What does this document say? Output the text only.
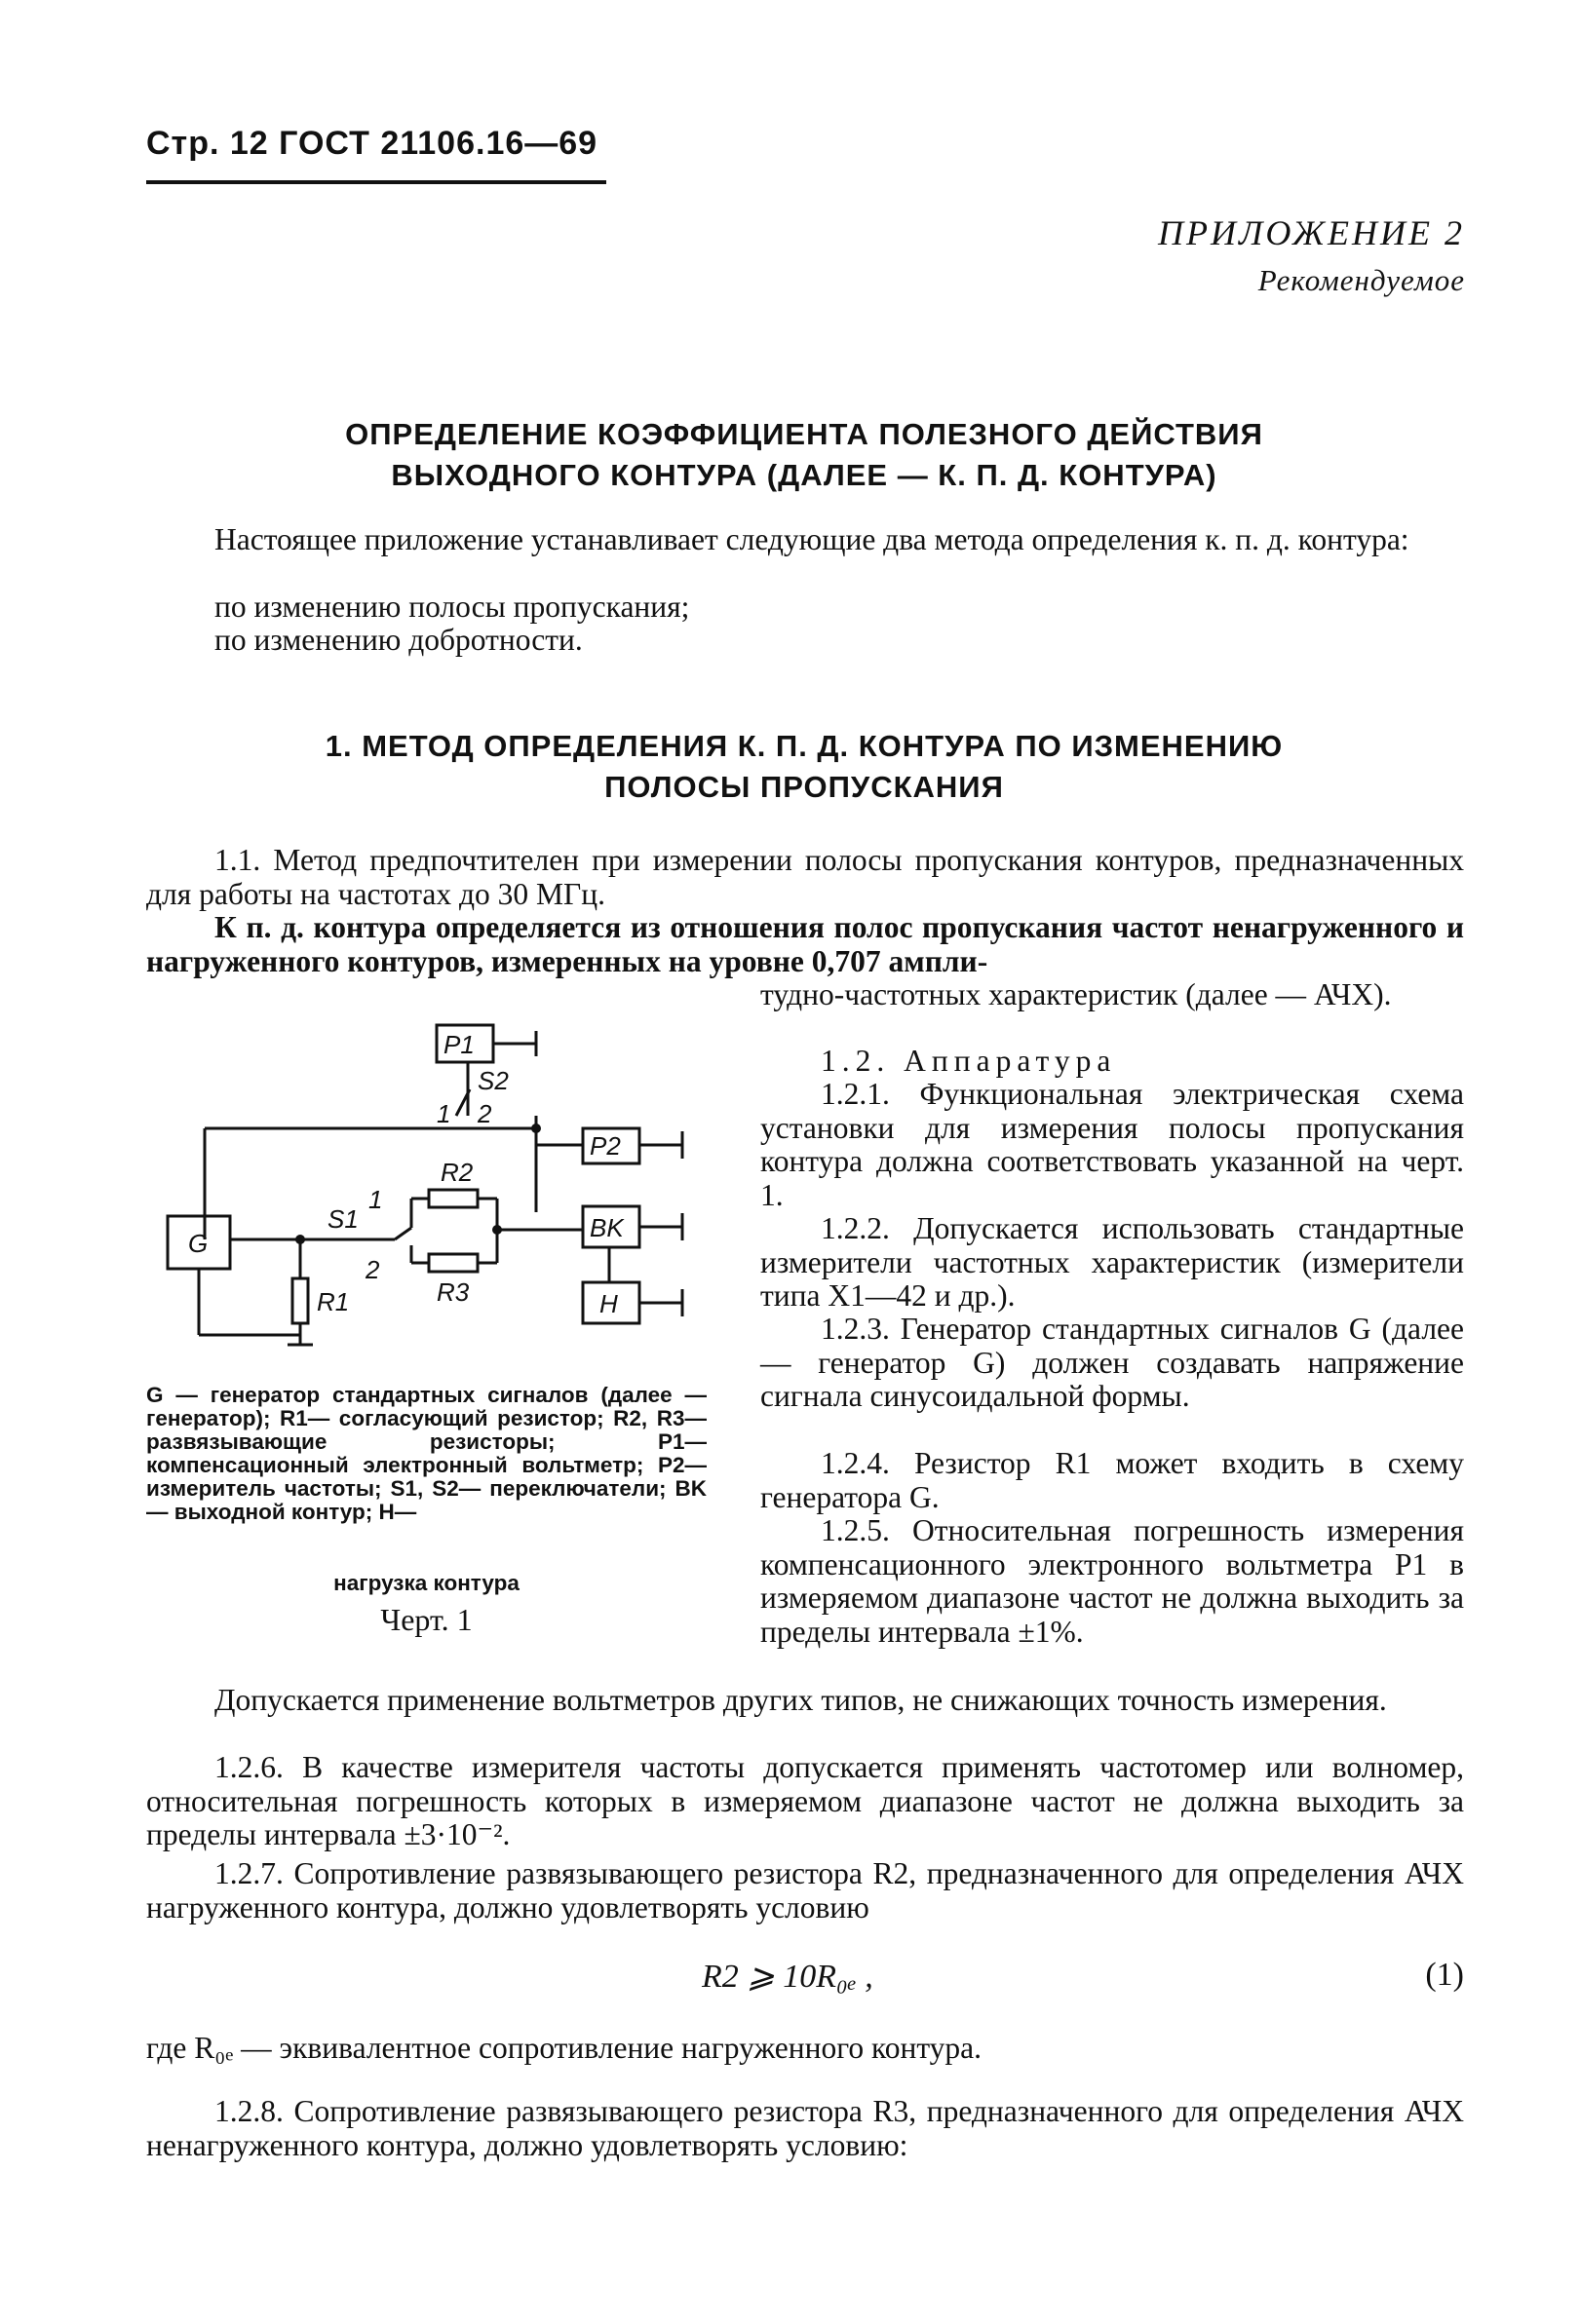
Стр. 12 ГОСТ 21106.16—69
ПРИЛОЖЕНИЕ 2
Рекомендуемое
ОПРЕДЕЛЕНИЕ КОЭФФИЦИЕНТА ПОЛЕЗНОГО ДЕЙСТВИЯ
ВЫХОДНОГО КОНТУРА (ДАЛЕЕ — К. П. Д. КОНТУРА)
Настоящее приложение устанавливает следующие два метода определения к. п. д. контура:
по изменению полосы пропускания;
по изменению добротности.
1. МЕТОД ОПРЕДЕЛЕНИЯ К. П. Д. КОНТУРА ПО ИЗМЕНЕНИЮ
ПОЛОСЫ ПРОПУСКАНИЯ
1.1. Метод предпочтителен при измерении полосы пропускания контуров, предназначенных для работы на частотах до 30 МГц.
К п. д. контура определяется из отношения полос пропускания частот ненагруженного и нагруженного контуров, измеренных на уровне 0,707 ампли-
тудно-частотных характеристик (далее — АЧХ).
1.2. Аппаратура
1.2.1. Функциональная электрическая схема установки для измерения полосы пропускания контура должна соответствовать указанной на черт. 1.
1.2.2. Допускается использовать стандартные измерители частотных характеристик (измерители типа Х1—42 и др.).
1.2.3. Генератор стандартных сигналов G (далее — генератор G) должен создавать напряжение сигнала синусоидальной формы.
1.2.4. Резистор R1 может входить в схему генератора G.
1.2.5. Относительная погрешность измерения компенсационного электронного вольтметра P1 в измеряемом диапазоне частот не должна выходить за пределы интервала ±1%.
P1
P2
G
BK
H
R1
R2
R3
S1
S2
1 2
1
2
G — генератор стандартных сигналов (далее — генератор); R1— согласующий резистор; R2, R3—развязывающие резисторы; P1— компенсационный электронный вольтметр; P2— измеритель частоты; S1, S2— переключатели; BK — выходной контур; H—
нагрузка контура
Черт. 1
Допускается применение вольтметров других типов, не снижающих точность измерения.
1.2.6. В качестве измерителя частоты допускается применять частотомер или волномер, относительная погрешность которых в измеряемом диапазоне частот не должна выходить за пределы интервала ±3·10⁻².
1.2.7. Сопротивление развязывающего резистора R2, предназначенного для определения АЧХ нагруженного контура, должно удовлетворять условию
R2 ⩾ 10R₀ₑ ,	(1)
где R₀ₑ — эквивалентное сопротивление нагруженного контура.
1.2.8. Сопротивление развязывающего резистора R3, предназначенного для определения АЧХ ненагруженного контура, должно удовлетворять условию:
